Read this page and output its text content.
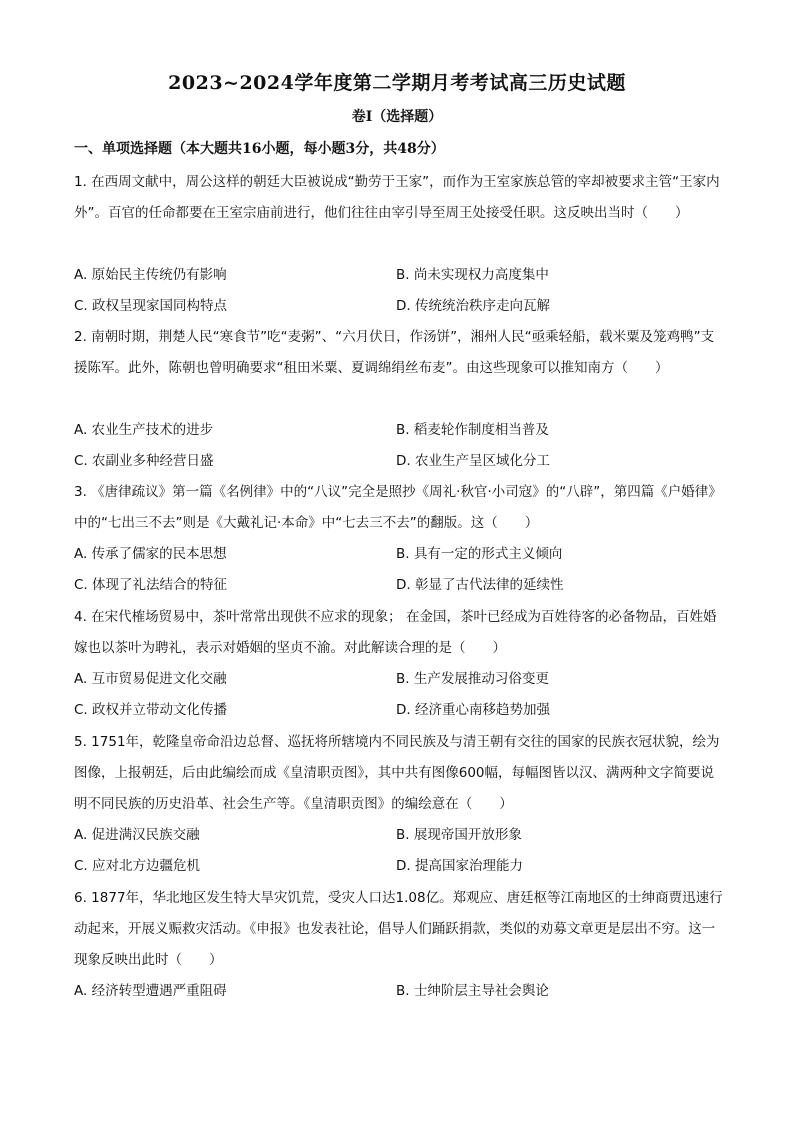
2023~2024学年度第二学期月考考试高三历史试题
卷Ⅰ（选择题）
一、单项选择题（本大题共16小题，每小题3分，共48分）

1. 在西周文献中，周公这样的朝廷大臣被说成“勤劳于王家”，而作为王室家族总管的宰却被要求主管“王家内外”。百官的任命都要在王室宗庙前进行，他们往往由宰引导至周王处接受任职。这反映出当时（　　）

A. 原始民主传统仍有影响	B. 尚未实现权力高度集中
C. 政权呈现家国同构特点	D. 传统统治秩序走向瓦解

2. 南朝时期，荆楚人民“寒食节”吃“麦粥”、“六月伏日，作汤饼”，湘州人民“亟乘轻船，载米粟及笼鸡鸭”支援陈军。此外，陈朝也曾明确要求“租田米粟、夏调绵绢丝布麦”。由这些现象可以推知南方（　　）

A. 农业生产技术的进步	B. 稻麦轮作制度相当普及
C. 农副业多种经营日盛	D. 农业生产呈区域化分工

3. 《唐律疏议》第一篇《名例律》中的“八议”完全是照抄《周礼·秋官·小司寇》的“八辟”，第四篇《户婚律》中的“七出三不去”则是《大戴礼记·本命》中“七去三不去”的翻版。这（　　）

A. 传承了儒家的民本思想	B. 具有一定的形式主义倾向
C. 体现了礼法结合的特征	D. 彰显了古代法律的延续性

4. 在宋代榷场贸易中，茶叶常常出现供不应求的现象； 在金国，茶叶已经成为百姓待客的必备物品，百姓婚嫁也以茶叶为聘礼，表示对婚姻的坚贞不渝。对此解读合理的是（　　）

A. 互市贸易促进文化交融	B. 生产发展推动习俗变更
C. 政权并立带动文化传播	D. 经济重心南移趋势加强

5. 1751年，乾隆皇帝命沿边总督、巡抚将所辖境内不同民族及与清王朝有交往的国家的民族衣冠状貌，绘为图像，上报朝廷，后由此编绘而成《皇清职贡图》，其中共有图像600幅，每幅图皆以汉、满两种文字简要说明不同民族的历史沿革、社会生产等。《皇清职贡图》的编绘意在（　　）

A. 促进满汉民族交融	B. 展现帝国开放形象
C. 应对北方边疆危机	D. 提高国家治理能力

6. 1877年，华北地区发生特大旱灾饥荒，受灾人口达1.08亿。郑观应、唐廷枢等江南地区的士绅商贾迅速行动起来，开展义赈救灾活动。《申报》也发表社论，倡导人们踊跃捐款，类似的劝募文章更是层出不穷。这一现象反映出此时（　　）

A. 经济转型遭遇严重阻碍	B. 士绅阶层主导社会舆论
